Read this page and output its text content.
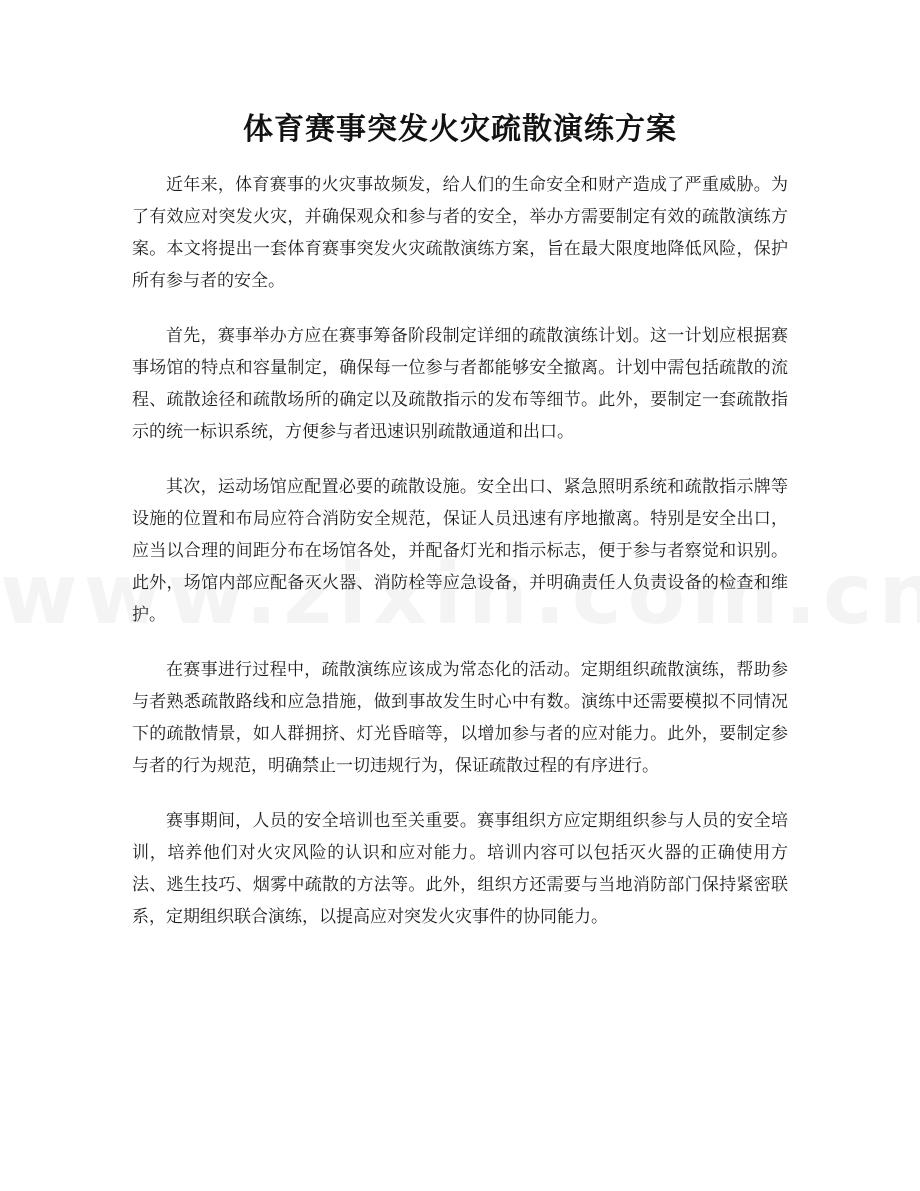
体育赛事突发火灾疏散演练方案

近年来，体育赛事的火灾事故频发，给人们的生命安全和财产造成了严重威胁。为了有效应对突发火灾，并确保观众和参与者的安全，举办方需要制定有效的疏散演练方案。本文将提出一套体育赛事突发火灾疏散演练方案，旨在最大限度地降低风险，保护所有参与者的安全。

首先，赛事举办方应在赛事筹备阶段制定详细的疏散演练计划。这一计划应根据赛事场馆的特点和容量制定，确保每一位参与者都能够安全撤离。计划中需包括疏散的流程、疏散途径和疏散场所的确定以及疏散指示的发布等细节。此外，要制定一套疏散指示的统一标识系统，方便参与者迅速识别疏散通道和出口。

其次，运动场馆应配置必要的疏散设施。安全出口、紧急照明系统和疏散指示牌等设施的位置和布局应符合消防安全规范，保证人员迅速有序地撤离。特别是安全出口，应当以合理的间距分布在场馆各处，并配备灯光和指示标志，便于参与者察觉和识别。此外，场馆内部应配备灭火器、消防栓等应急设备，并明确责任人负责设备的检查和维护。

在赛事进行过程中，疏散演练应该成为常态化的活动。定期组织疏散演练，帮助参与者熟悉疏散路线和应急措施，做到事故发生时心中有数。演练中还需要模拟不同情况下的疏散情景，如人群拥挤、灯光昏暗等，以增加参与者的应对能力。此外，要制定参与者的行为规范，明确禁止一切违规行为，保证疏散过程的有序进行。

赛事期间，人员的安全培训也至关重要。赛事组织方应定期组织参与人员的安全培训，培养他们对火灾风险的认识和应对能力。培训内容可以包括灭火器的正确使用方法、逃生技巧、烟雾中疏散的方法等。此外，组织方还需要与当地消防部门保持紧密联系，定期组织联合演练，以提高应对突发火灾事件的协同能力。
